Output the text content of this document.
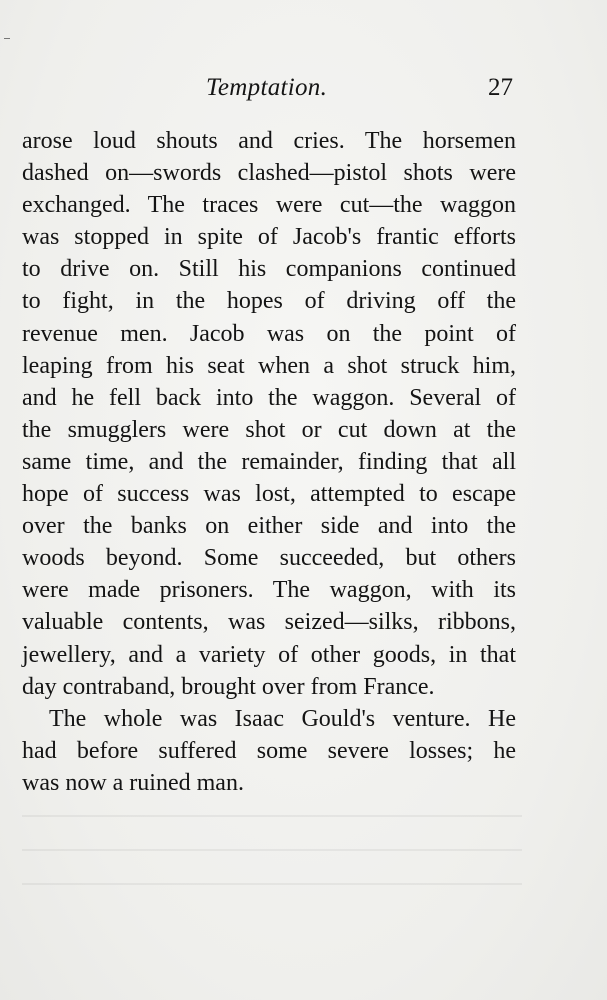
Temptation.	27
arose loud shouts and cries. The horsemen
dashed on—swords clashed—pistol shots were
exchanged. The traces were cut—the waggon
was stopped in spite of Jacob's frantic efforts
to drive on. Still his companions continued
to fight, in the hopes of driving off the
revenue men. Jacob was on the point of
leaping from his seat when a shot struck him,
and he fell back into the waggon. Several of
the smugglers were shot or cut down at the
same time, and the remainder, finding that all
hope of success was lost, attempted to escape
over the banks on either side and into the
woods beyond. Some succeeded, but others
were made prisoners. The waggon, with its
valuable contents, was seized—silks, ribbons,
jewellery, and a variety of other goods, in that
day contraband, brought over from France.
The whole was Isaac Gould's venture. He
had before suffered some severe losses; he
was now a ruined man.
